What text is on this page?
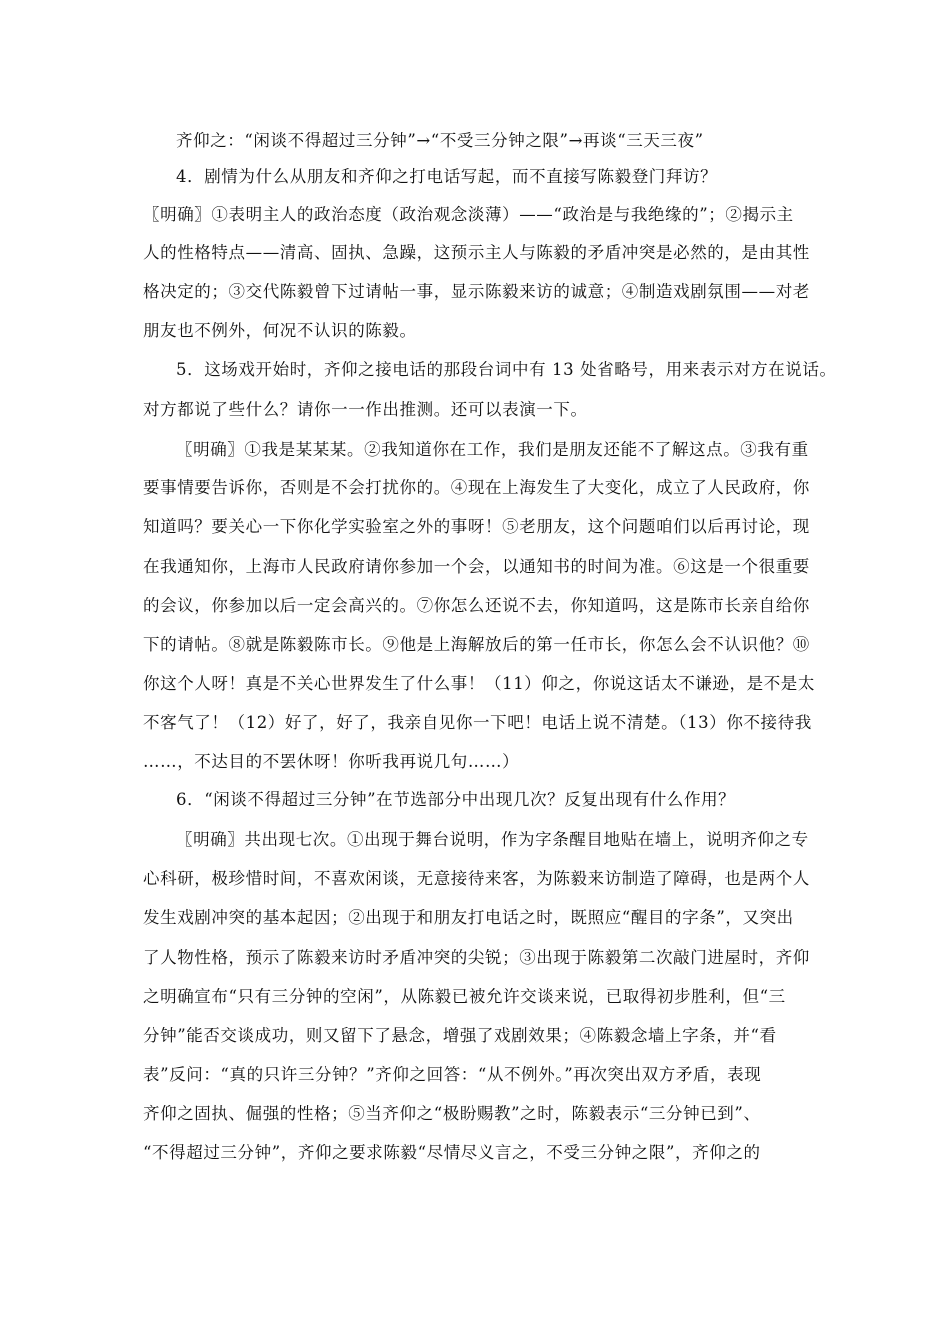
齐仰之：“闲谈不得超过三分钟”→“不受三分钟之限”→再谈“三天三夜”
4．剧情为什么从朋友和齐仰之打电话写起，而不直接写陈毅登门拜访？
〖明确〗①表明主人的政治态度（政治观念淡薄）——“政治是与我绝缘的”；②揭示主
人的性格特点——清高、固执、急躁，这预示主人与陈毅的矛盾冲突是必然的，是由其性
格决定的；③交代陈毅曾下过请帖一事，显示陈毅来访的诚意；④制造戏剧氛围——对老
朋友也不例外，何况不认识的陈毅。
5．这场戏开始时，齐仰之接电话的那段台词中有 13 处省略号，用来表示对方在说话。
对方都说了些什么？请你一一作出推测。还可以表演一下。
〖明确〗①我是某某某。②我知道你在工作，我们是朋友还能不了解这点。③我有重
要事情要告诉你，否则是不会打扰你的。④现在上海发生了大变化，成立了人民政府，你
知道吗？要关心一下你化学实验室之外的事呀！⑤老朋友，这个问题咱们以后再讨论，现
在我通知你，上海市人民政府请你参加一个会，以通知书的时间为准。⑥这是一个很重要
的会议，你参加以后一定会高兴的。⑦你怎么还说不去，你知道吗，这是陈市长亲自给你
下的请帖。⑧就是陈毅陈市长。⑨他是上海解放后的第一任市长，你怎么会不认识他？⑩
你这个人呀！真是不关心世界发生了什么事！（11）仰之，你说这话太不谦逊，是不是太
不客气了！（12）好了，好了，我亲自见你一下吧！电话上说不清楚。（13）你不接待我
……，不达目的不罢休呀！你听我再说几句……）
6．“闲谈不得超过三分钟”在节选部分中出现几次？反复出现有什么作用？
〖明确〗共出现七次。①出现于舞台说明，作为字条醒目地贴在墙上，说明齐仰之专
心科研，极珍惜时间，不喜欢闲谈，无意接待来客，为陈毅来访制造了障碍，也是两个人
发生戏剧冲突的基本起因；②出现于和朋友打电话之时，既照应“醒目的字条”，又突出
了人物性格，预示了陈毅来访时矛盾冲突的尖锐；③出现于陈毅第二次敲门进屋时，齐仰
之明确宣布“只有三分钟的空闲”，从陈毅已被允许交谈来说，已取得初步胜利，但“三
分钟”能否交谈成功，则又留下了悬念，增强了戏剧效果；④陈毅念墙上字条，并“看
表”反问：“真的只许三分钟？”齐仰之回答：“从不例外。”再次突出双方矛盾，表现
齐仰之固执、倔强的性格；⑤当齐仰之“极盼赐教”之时，陈毅表示“三分钟已到”、
“不得超过三分钟”，齐仰之要求陈毅“尽情尽义言之，不受三分钟之限”，齐仰之的
